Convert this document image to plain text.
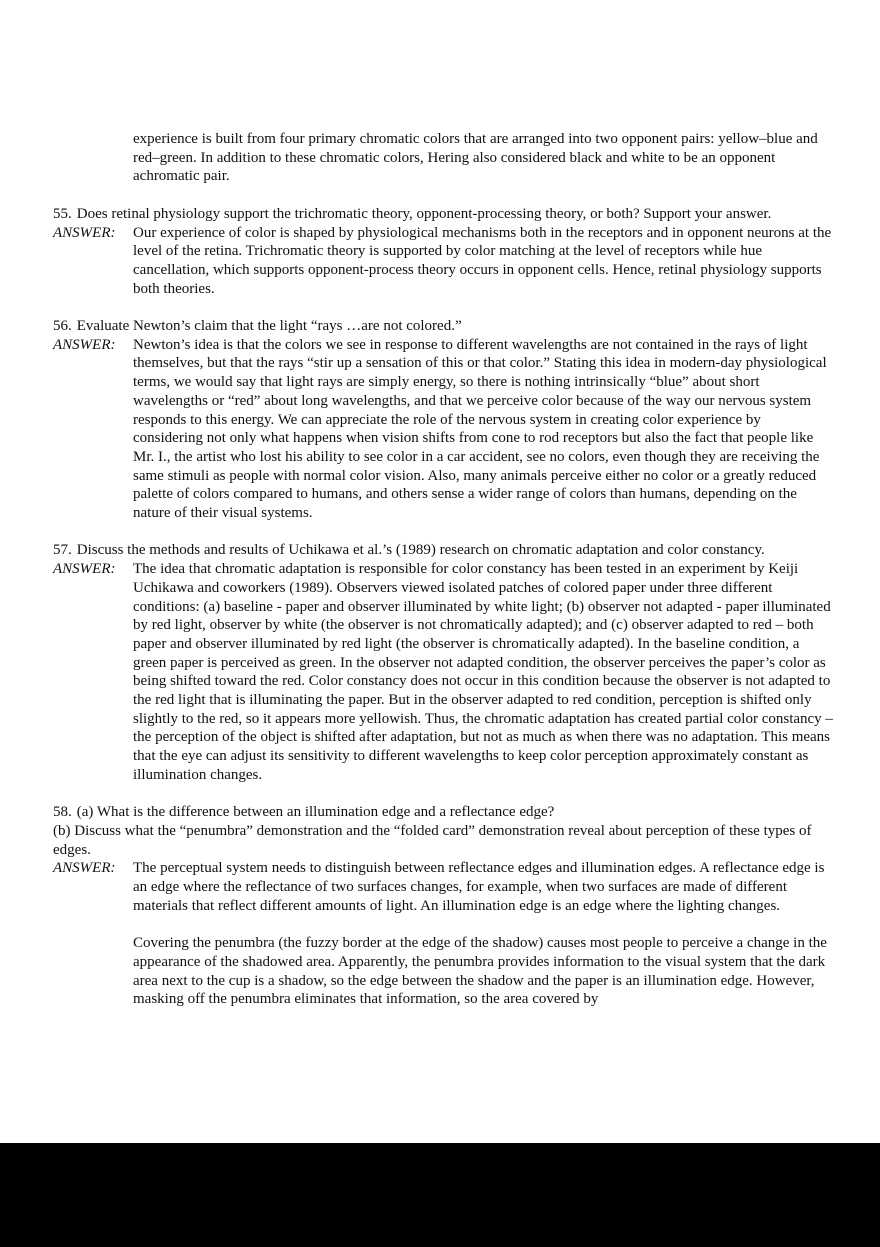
experience is built from four primary chromatic colors that are arranged into two opponent pairs: yellow–blue and red–green. In addition to these chromatic colors, Hering also considered black and white to be an opponent achromatic pair.

55. Does retinal physiology support the trichromatic theory, opponent-processing theory, or both? Support your answer.
ANSWER:	Our experience of color is shaped by physiological mechanisms both in the receptors and in opponent neurons at the level of the retina. Trichromatic theory is supported by color matching at the level of receptors while hue cancellation, which supports opponent-process theory occurs in opponent cells. Hence, retinal physiology supports both theories.

56. Evaluate Newton’s claim that the light “rays …are not colored.”
ANSWER:	Newton’s idea is that the colors we see in response to different wavelengths are not contained in the rays of light themselves, but that the rays “stir up a sensation of this or that color.” Stating this idea in modern-day physiological terms, we would say that light rays are simply energy, so there is nothing intrinsically “blue” about short wavelengths or “red” about long wavelengths, and that we perceive color because of the way our nervous system responds to this energy. We can appreciate the role of the nervous system in creating color experience by considering not only what happens when vision shifts from cone to rod receptors but also the fact that people like Mr. I., the artist who lost his ability to see color in a car accident, see no colors, even though they are receiving the same stimuli as people with normal color vision. Also, many animals perceive either no color or a greatly reduced palette of colors compared to humans, and others sense a wider range of colors than humans, depending on the nature of their visual systems.

57. Discuss the methods and results of Uchikawa et al.’s (1989) research on chromatic adaptation and color constancy.
ANSWER:	The idea that chromatic adaptation is responsible for color constancy has been tested in an experiment by Keiji Uchikawa and coworkers (1989). Observers viewed isolated patches of colored paper under three different conditions: (a) baseline - paper and observer illuminated by white light; (b) observer not adapted - paper illuminated by red light, observer by white (the observer is not chromatically adapted); and (c) observer adapted to red – both paper and observer illuminated by red light (the observer is chromatically adapted). In the baseline condition, a green paper is perceived as green. In the observer not adapted condition, the observer perceives the paper’s color as being shifted toward the red. Color constancy does not occur in this condition because the observer is not adapted to the red light that is illuminating the paper. But in the observer adapted to red condition, perception is shifted only slightly to the red, so it appears more yellowish. Thus, the chromatic adaptation has created partial color constancy – the perception of the object is shifted after adaptation, but not as much as when there was no adaptation. This means that the eye can adjust its sensitivity to different wavelengths to keep color perception approximately constant as illumination changes.

58. (a) What is the difference between an illumination edge and a reflectance edge?
(b) Discuss what the “penumbra” demonstration and the “folded card” demonstration reveal about perception of these types of edges.
ANSWER:	The perceptual system needs to distinguish between reflectance edges and illumination edges. A reflectance edge is an edge where the reflectance of two surfaces changes, for example, when two surfaces are made of different materials that reflect different amounts of light. An illumination edge is an edge where the lighting changes.

Covering the penumbra (the fuzzy border at the edge of the shadow) causes most people to perceive a change in the appearance of the shadowed area. Apparently, the penumbra provides information to the visual system that the dark area next to the cup is a shadow, so the edge between the shadow and the paper is an illumination edge. However, masking off the penumbra eliminates that information, so the area covered by
